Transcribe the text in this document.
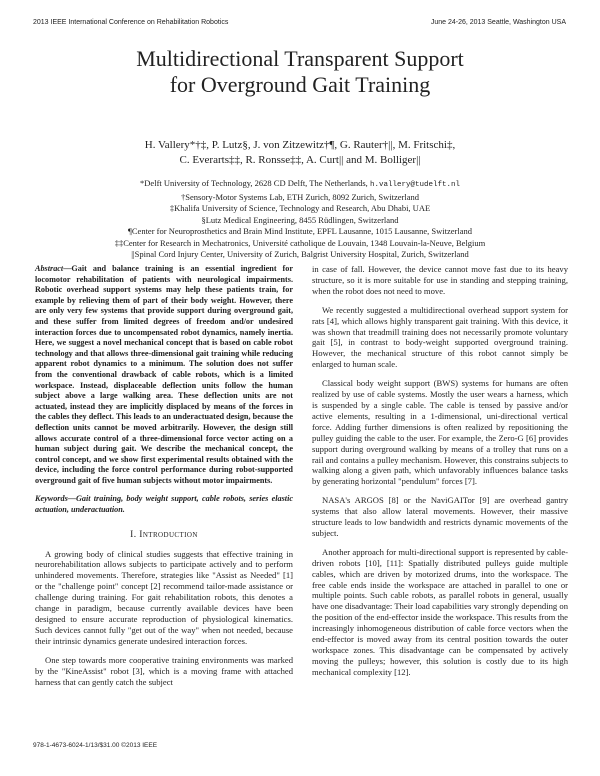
2013 IEEE International Conference on Rehabilitation Robotics	June 24-26, 2013 Seattle, Washington USA
Multidirectional Transparent Support
for Overground Gait Training
H. Vallery*†‡, P. Lutz§, J. von Zitzewitz†¶, G. Rauter†||, M. Fritschi‡,
C. Everarts‡‡, R. Ronsse‡‡, A. Curt|| and M. Bolliger||
*Delft University of Technology, 2628 CD Delft, The Netherlands, h.vallery@tudelft.nl
†Sensory-Motor Systems Lab, ETH Zurich, 8092 Zurich, Switzerland
‡Khalifa University of Science, Technology and Research, Abu Dhabi, UAE
§Lutz Medical Engineering, 8455 Rüdlingen, Switzerland
¶Center for Neuroprosthetics and Brain Mind Institute, EPFL Lausanne, 1015 Lausanne, Switzerland
‡‡Center for Research in Mechatronics, Université catholique de Louvain, 1348 Louvain-la-Neuve, Belgium
||Spinal Cord Injury Center, University of Zurich, Balgrist University Hospital, Zurich, Switzerland
Abstract—Gait and balance training is an essential ingredient for locomotor rehabilitation of patients with neurological impairments. Robotic overhead support systems may help these patients train, for example by relieving them of part of their body weight. However, there are only very few systems that provide support during overground gait, and these suffer from limited degrees of freedom and/or undesired interaction forces due to uncompensated robot dynamics, namely inertia. Here, we suggest a novel mechanical concept that is based on cable robot technology and that allows three-dimensional gait training while reducing apparent robot dynamics to a minimum. The solution does not suffer from the conventional drawback of cable robots, which is a limited workspace. Instead, displaceable deflection units follow the human subject above a large walking area. These deflection units are not actuated, instead they are implicitly displaced by means of the forces in the cables they deflect. This leads to an underactuated design, because the deflection units cannot be moved arbitrarily. However, the design still allows accurate control of a three-dimensional force vector acting on a human subject during gait. We describe the mechanical concept, the control concept, and we show first experimental results obtained with the device, including the force control performance during robot-supported overground gait of five human subjects without motor impairments.
Keywords—Gait training, body weight support, cable robots, series elastic actuation, underactuation.
I. Introduction

A growing body of clinical studies suggests that effective training in neurorehabilitation allows subjects to participate actively and to perform unhindered movements. Therefore, strategies like "Assist as Needed" [1] or the "challenge point" concept [2] recommend tailor-made assistance or challenge during training. For gait rehabilitation robots, this denotes a change in paradigm, because currently available devices have been designed to ensure accurate reproduction of physiological kinematics. Such devices cannot fully "get out of the way" when not needed, because their intrinsic dynamics generate undesired interaction forces.

One step towards more cooperative training environments was marked by the "KineAssist" robot [3], which is a moving frame with attached harness that can gently catch the subject

in case of fall. However, the device cannot move fast due to its heavy structure, so it is more suitable for use in standing and stepping training, when the robot does not need to move.

We recently suggested a multidirectional overhead support system for rats [4], which allows highly transparent gait training. With this device, it was shown that treadmill training does not necessarily promote voluntary gait [5], in contrast to body-weight supported overground training. However, the mechanical structure of this robot cannot simply be enlarged to human scale.

Classical body weight support (BWS) systems for humans are often realized by use of cable systems. Mostly the user wears a harness, which is suspended by a single cable. The cable is tensed by passive and/or active elements, resulting in a 1-dimensional, uni-directional vertical force. Adding further dimensions is often realized by repositioning the pulley guiding the cable to the user. For example, the Zero-G [6] provides support during overground walking by means of a trolley that runs on a rail and contains a pulley mechanism. However, this constrains subjects to walking along a given path, which unfavorably influences balance tasks by generating horizontal "pendulum" forces [7].

NASA's ARGOS [8] or the NaviGAITor [9] are overhead gantry systems that also allow lateral movements. However, their massive structure leads to low bandwidth and restricts dynamic movements of the subject.

Another approach for multi-directional support is represented by cable-driven robots [10], [11]: Spatially distributed pulleys guide multiple cables, which are driven by motorized drums, into the workspace. The free cable ends inside the workspace are attached in parallel to one or multiple points. Such cable robots, as parallel robots in general, usually have one disadvantage: Their load capabilities vary strongly depending on the position of the end-effector inside the workspace. This results from the increasingly inhomogeneous distribution of cable force vectors when the end-effector is moved away from its central position towards the outer workspace zones. This disadvantage can be compensated by actively moving the pulleys; however, this solution is costly due to its high mechanical complexity [12].

978-1-4673-6024-1/13/$31.00 ©2013 IEEE
